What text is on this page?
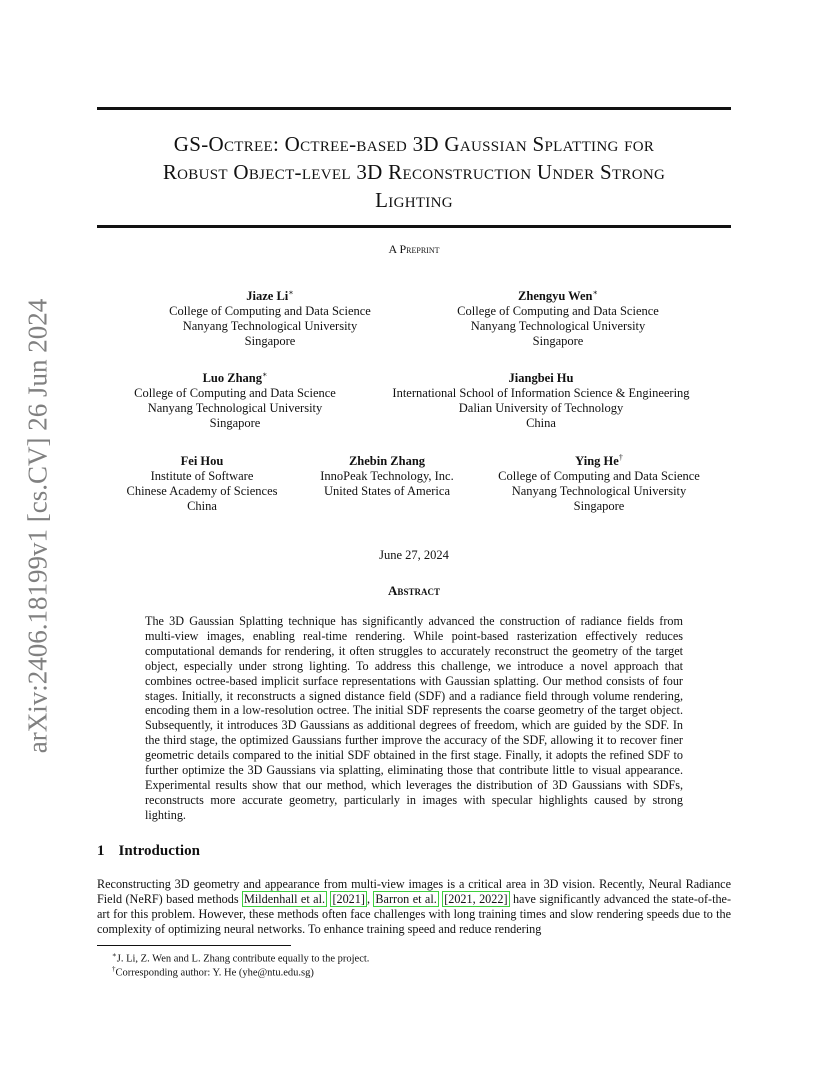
arXiv:2406.18199v1 [cs.CV] 26 Jun 2024
GS-Octree: Octree-based 3D Gaussian Splatting for
Robust Object-level 3D Reconstruction Under Strong
Lighting
A Preprint
Jiaze Li∗
College of Computing and Data Science
Nanyang Technological University
Singapore
Zhengyu Wen∗
College of Computing and Data Science
Nanyang Technological University
Singapore
Luo Zhang∗
College of Computing and Data Science
Nanyang Technological University
Singapore
Jiangbei Hu
International School of Information Science & Engineering
Dalian University of Technology
China
Fei Hou
Institute of Software
Chinese Academy of Sciences
China
Zhebin Zhang
InnoPeak Technology, Inc.
United States of America
Ying He†
College of Computing and Data Science
Nanyang Technological University
Singapore
June 27, 2024
Abstract
The 3D Gaussian Splatting technique has significantly advanced the construction of radiance fields from multi-view images, enabling real-time rendering. While point-based rasterization effectively reduces computational demands for rendering, it often struggles to accurately reconstruct the geometry of the target object, especially under strong lighting. To address this challenge, we introduce a novel approach that combines octree-based implicit surface representations with Gaussian splatting. Our method consists of four stages. Initially, it reconstructs a signed distance field (SDF) and a radiance field through volume rendering, encoding them in a low-resolution octree. The initial SDF represents the coarse geometry of the target object. Subsequently, it introduces 3D Gaussians as additional degrees of freedom, which are guided by the SDF. In the third stage, the optimized Gaussians further improve the accuracy of the SDF, allowing it to recover finer geometric details compared to the initial SDF obtained in the first stage. Finally, it adopts the refined SDF to further optimize the 3D Gaussians via splatting, eliminating those that contribute little to visual appearance. Experimental results show that our method, which leverages the distribution of 3D Gaussians with SDFs, reconstructs more accurate geometry, particularly in images with specular highlights caused by strong lighting.
1 Introduction
Reconstructing 3D geometry and appearance from multi-view images is a critical area in 3D vision. Recently, Neural Radiance Field (NeRF) based methods Mildenhall et al. [2021] , Barron et al. [2021, 2022] have significantly advanced the state-of-the-art for this problem. However, these methods often face challenges with long training times and slow rendering speeds due to the complexity of optimizing neural networks. To enhance training speed and reduce rendering
∗J. Li, Z. Wen and L. Zhang contribute equally to the project.
†Corresponding author: Y. He (yhe@ntu.edu.sg)
